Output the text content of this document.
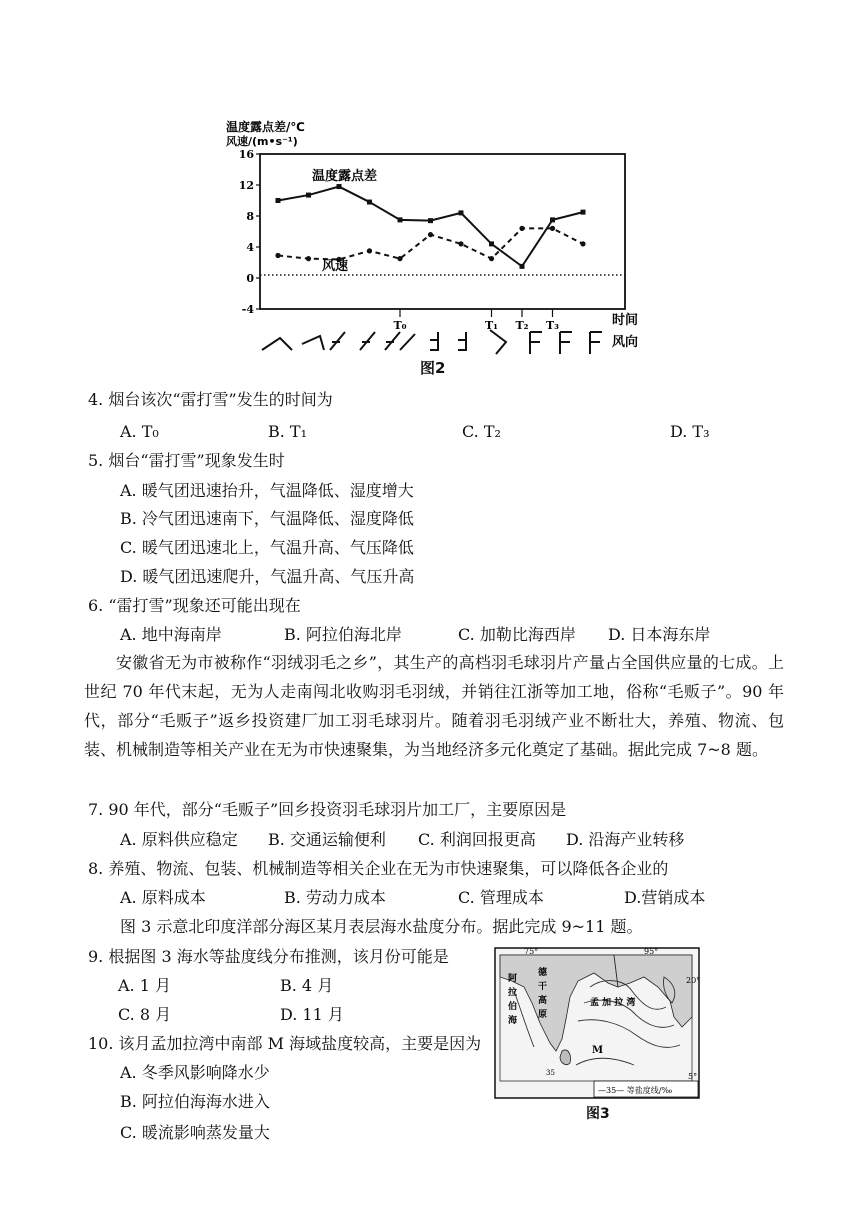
温度露点差/℃
风速/(m•s⁻¹)
16
12
8
4
0
-4
T₀	T₁ T₂ T₃
温度露点差
风速
时间
风向
图2
4. 烟台该次“雷打雪”发生的时间为
A. T₀	B. T₁	C. T₂	D. T₃
5. 烟台“雷打雪”现象发生时
A. 暖气团迅速抬升，气温降低、湿度增大
B. 冷气团迅速南下，气温降低、湿度降低
C. 暖气团迅速北上，气温升高、气压降低
D. 暖气团迅速爬升，气温升高、气压升高
6. “雷打雪”现象还可能出现在
A. 地中海南岸	B. 阿拉伯海北岸	C. 加勒比海西岸 D. 日本海东岸
安徽省无为市被称作“羽绒羽毛之乡”，其生产的高档羽毛球羽片产量占全国供应量的七成。上世纪 70 年代末起，无为人走南闯北收购羽毛羽绒，并销往江浙等加工地，俗称“毛贩子”。90 年代，部分“毛贩子”返乡投资建厂加工羽毛球羽片。随着羽毛羽绒产业不断壮大，养殖、物流、包装、机械制造等相关产业在无为市快速聚集，为当地经济多元化奠定了基础。据此完成 7~8 题。
7. 90 年代，部分“毛贩子”回乡投资羽毛球羽片加工厂，主要原因是
A. 原料供应稳定 B. 交通运输便利 C. 利润回报更高 D. 沿海产业转移
8. 养殖、物流、包装、机械制造等相关企业在无为市快速聚集，可以降低各企业的
A. 原料成本	B. 劳动力成本	C. 管理成本	D.营销成本
图 3 示意北印度洋部分海区某月表层海水盐度分布。据此完成 9~11 题。
9. 根据图 3 海水等盐度线分布推测，该月份可能是
A. 1 月	B. 4 月
C. 8 月	D. 11 月
10. 该月孟加拉湾中南部 M 海域盐度较高，主要是因为
A. 冬季风影响降水少
B. 阿拉伯海海水进入
C. 暖流影响蒸发量大
75°	95°
20°
5°
阿 拉 伯 海
德 干 高 原
孟 加 拉 湾
M
35
—35— 等盐度线/‰
图3
